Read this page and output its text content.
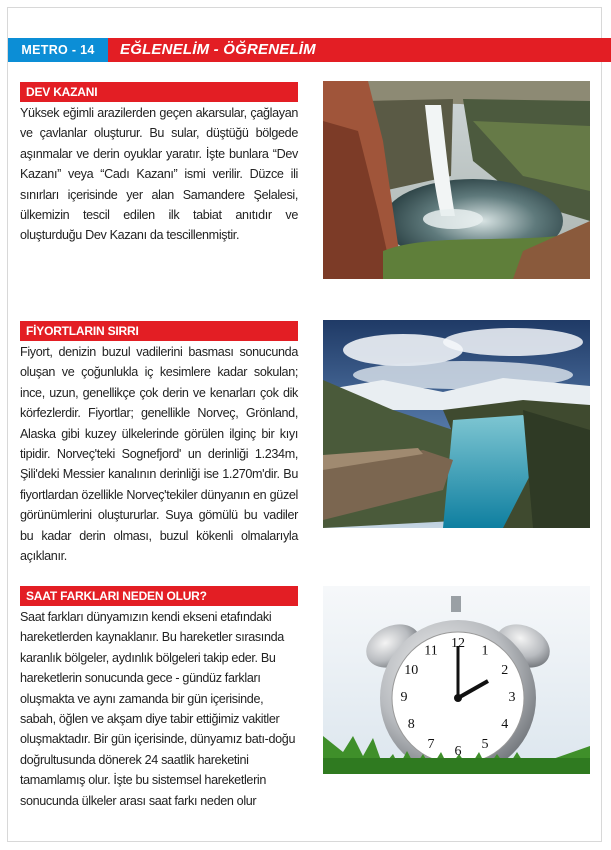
METRO - 14	EĞLENELİM - ÖĞRENELİM
DEV KAZANI

Yüksek eğimli arazilerden geçen akarsular, çağlayan ve çavlanlar oluşturur. Bu sular, düştüğü bölgede aşınmalar ve derin oyuklar yaratır. İşte bunlara “Dev Kazanı” veya “Cadı Kazanı” ismi verilir. Düzce ili sınırları içerisinde yer alan Samandere Şelalesi, ülkemizin tescil edilen ilk tabiat anıtıdır ve oluşturduğu Dev Kazanı da tescillenmiştir.

FİYORTLARIN SIRRI

Fiyort, denizin buzul vadilerini basması sonucunda oluşan ve çoğunlukla iç kesimlere kadar sokulan; ince, uzun, genellikçe çok derin ve kenarları çok dik körfezlerdir. Fiyortlar; genellikle Norveç, Grönland, Alaska gibi kuzey ülkelerinde görülen ilginç bir kıyı tipidir. Norveç'teki Sognefjord' un derinliği 1.234m, Şili'deki Messier kanalının derinliği ise 1.270m'dir. Bu fiyortlardan özellikle Norveç'tekiler dünyanın en güzel görünümlerini oluştururlar. Suya gömülü bu vadiler bu kadar derin olması, buzul kökenli olmalarıyla açıklanır.

SAAT FARKLARI NEDEN OLUR?

Saat farkları dünyamızın kendi ekseni etafındaki hareketlerden kaynaklanır. Bu hareketler sırasında karanlık bölgeler, aydınlık bölgeleri takip eder. Bu hareketlerin sonucunda gece - gündüz farkları oluşmakta ve aynı zamanda bir gün içerisinde, sabah, öğlen ve akşam diye tabir ettiğimiz vakitler oluşmaktadır. Bir gün içerisinde, dünyamız batı-doğu doğrultusunda dönerek 24 saatlik hareketini tamamlamış olur. İşte bu sistemsel hareketlerin sonucunda ülkeler arası saat farkı neden olur

12 1
2
3
4
5
6
7
8
9
10
11
